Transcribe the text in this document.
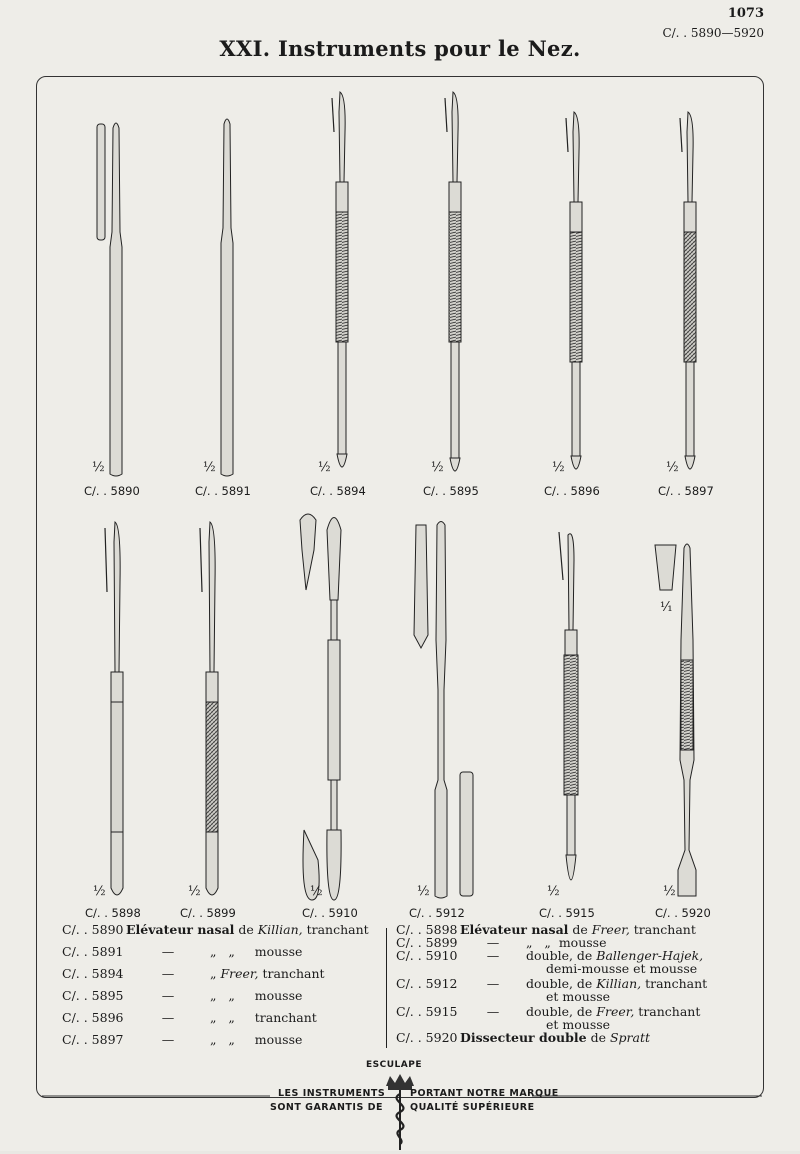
1073
C/. . 5890—5920
XXI. Instruments pour le Nez.
½
C/. . 5890
½
C/. . 5891
½
C/. . 5894
½
C/. . 5895
½
C/. . 5896
½
C/. . 5897
½
C/. . 5898
½
C/. . 5899
½
C/. . 5910
½
C/. . 5912
½
C/. . 5915
½
C/. . 5920
¹⁄₁
C/. . 5890 Elévateur nasal de Killian, tranchant
C/. . 5891	—	„   „     mousse
C/. . 5894	—	„ Freer, tranchant
C/. . 5895	—	„   „     mousse
C/. . 5896	—	„   „     tranchant
C/. . 5897	—	„   „     mousse
C/. . 5898 Elévateur nasal de Freer, tranchant
C/. . 5899 — „   „  mousse
C/. . 5910 — double, de Ballenger-Hajek,
demi-mousse et mousse
C/. . 5912 — double, de Killian, tranchant
et mousse
C/. . 5915 — double, de Freer, tranchant
et mousse
C/. . 5920 Dissecteur double de Spratt
ESCULAPE
LES INSTRUMENTS
SONT GARANTIS DE
PORTANT NOTRE MARQUE
QUALITÉ SUPÉRIEURE
